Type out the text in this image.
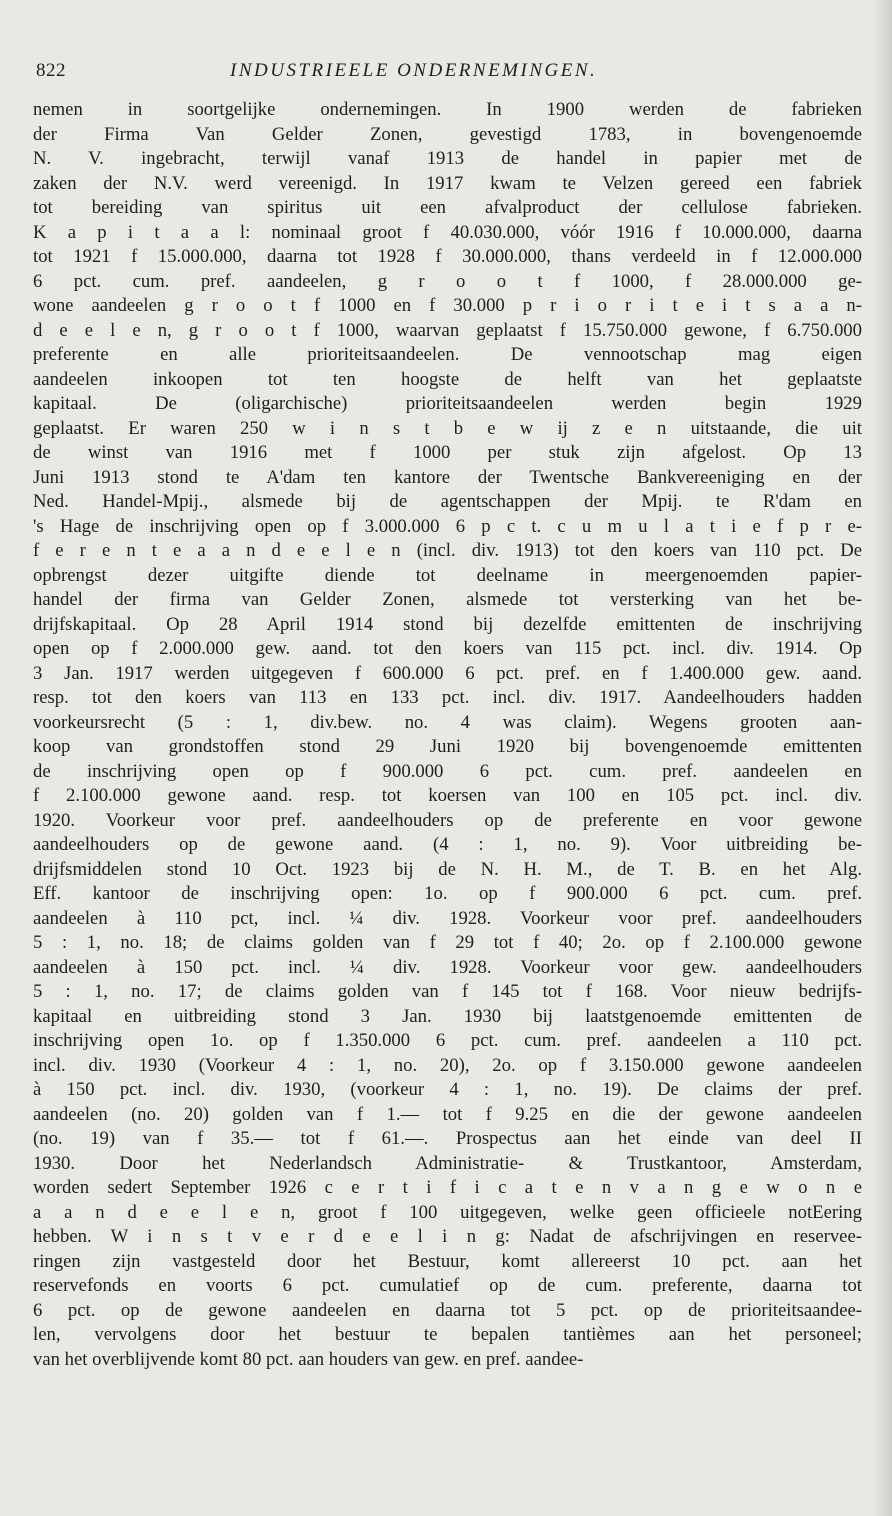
822	INDUSTRIEELE ONDERNEMINGEN.
nemen in soortgelijke ondernemingen. In 1900 werden de fabrieken
der Firma Van Gelder Zonen, gevestigd 1783, in bovengenoemde
N. V. ingebracht, terwijl vanaf 1913 de handel in papier met de
zaken der N.V. werd vereenigd. In 1917 kwam te Velzen gereed een fabriek
tot bereiding van spiritus uit een afvalproduct der cellulose fabrieken.
K a p i t a a l: nominaal groot f 40.030.000, vóór 1916 f 10.000.000, daarna
tot 1921 f 15.000.000, daarna tot 1928 f 30.000.000, thans verdeeld in f 12.000.000
6 pct. cum. pref. aandeelen, g r o o t f 1000, f 28.000.000 ge-
wone aandeelen g r o o t f 1000 en f 30.000 p r i o r i t e i t s a a n-
d e e l e n, g r o o t f 1000, waarvan geplaatst f 15.750.000 gewone, f 6.750.000
preferente en alle prioriteitsaandeelen. De vennootschap mag eigen
aandeelen inkoopen tot ten hoogste de helft van het geplaatste
kapitaal. De (oligarchische) prioriteitsaandeelen werden begin 1929
geplaatst. Er waren 250 w i n s t b e w ij z e n uitstaande, die uit
de winst van 1916 met f 1000 per stuk zijn afgelost. Op 13
Juni 1913 stond te A'dam ten kantore der Twentsche Bankvereeniging en der
Ned. Handel-Mpij., alsmede bij de agentschappen der Mpij. te R'dam en
's Hage de inschrijving open op f 3.000.000 6 p c t. c u m u l a t i e f p r e-
f e r e n t e a a n d e e l e n (incl. div. 1913) tot den koers van 110 pct. De
opbrengst dezer uitgifte diende tot deelname in meergenoemden papier-
handel der firma van Gelder Zonen, alsmede tot versterking van het be-
drijfskapitaal. Op 28 April 1914 stond bij dezelfde emittenten de inschrijving
open op f 2.000.000 gew. aand. tot den koers van 115 pct. incl. div. 1914. Op
3 Jan. 1917 werden uitgegeven f 600.000 6 pct. pref. en f 1.400.000 gew. aand.
resp. tot den koers van 113 en 133 pct. incl. div. 1917. Aandeelhouders hadden
voorkeursrecht (5 : 1, div.bew. no. 4 was claim). Wegens grooten aan-
koop van grondstoffen stond 29 Juni 1920 bij bovengenoemde emittenten
de inschrijving open op f 900.000 6 pct. cum. pref. aandeelen en
f 2.100.000 gewone aand. resp. tot koersen van 100 en 105 pct. incl. div.
1920. Voorkeur voor pref. aandeelhouders op de preferente en voor gewone
aandeelhouders op de gewone aand. (4 : 1, no. 9). Voor uitbreiding be-
drijfsmiddelen stond 10 Oct. 1923 bij de N. H. M., de T. B. en het Alg.
Eff. kantoor de inschrijving open: 1o. op f 900.000 6 pct. cum. pref.
aandeelen à 110 pct, incl. ¼ div. 1928. Voorkeur voor pref. aandeelhouders
5 : 1, no. 18; de claims golden van f 29 tot f 40; 2o. op f 2.100.000 gewone
aandeelen à 150 pct. incl. ¼ div. 1928. Voorkeur voor gew. aandeelhouders
5 : 1, no. 17; de claims golden van f 145 tot f 168. Voor nieuw bedrijfs-
kapitaal en uitbreiding stond 3 Jan. 1930 bij laatstgenoemde emittenten de
inschrijving open 1o. op f 1.350.000 6 pct. cum. pref. aandeelen a 110 pct.
incl. div. 1930 (Voorkeur 4 : 1, no. 20), 2o. op f 3.150.000 gewone aandeelen
à 150 pct. incl. div. 1930, (voorkeur 4 : 1, no. 19). De claims der pref.
aandeelen (no. 20) golden van f 1.— tot f 9.25 en die der gewone aandeelen
(no. 19) van f 35.— tot f 61.—. Prospectus aan het einde van deel II
1930. Door het Nederlandsch Administratie- & Trustkantoor, Amsterdam,
worden sedert September 1926 c e r t i f i c a t e n v a n g e w o n e
a a n d e e l e n, groot f 100 uitgegeven, welke geen officieele notEering
hebben. W i n s t v e r d e e l i n g: Nadat de afschrijvingen en reservee-
ringen zijn vastgesteld door het Bestuur, komt allereerst 10 pct. aan het
reservefonds en voorts 6 pct. cumulatief op de cum. preferente, daarna tot
6 pct. op de gewone aandeelen en daarna tot 5 pct. op de prioriteitsaandee-
len, vervolgens door het bestuur te bepalen tantièmes aan het personeel;
van het overblijvende komt 80 pct. aan houders van gew. en pref. aandee-
